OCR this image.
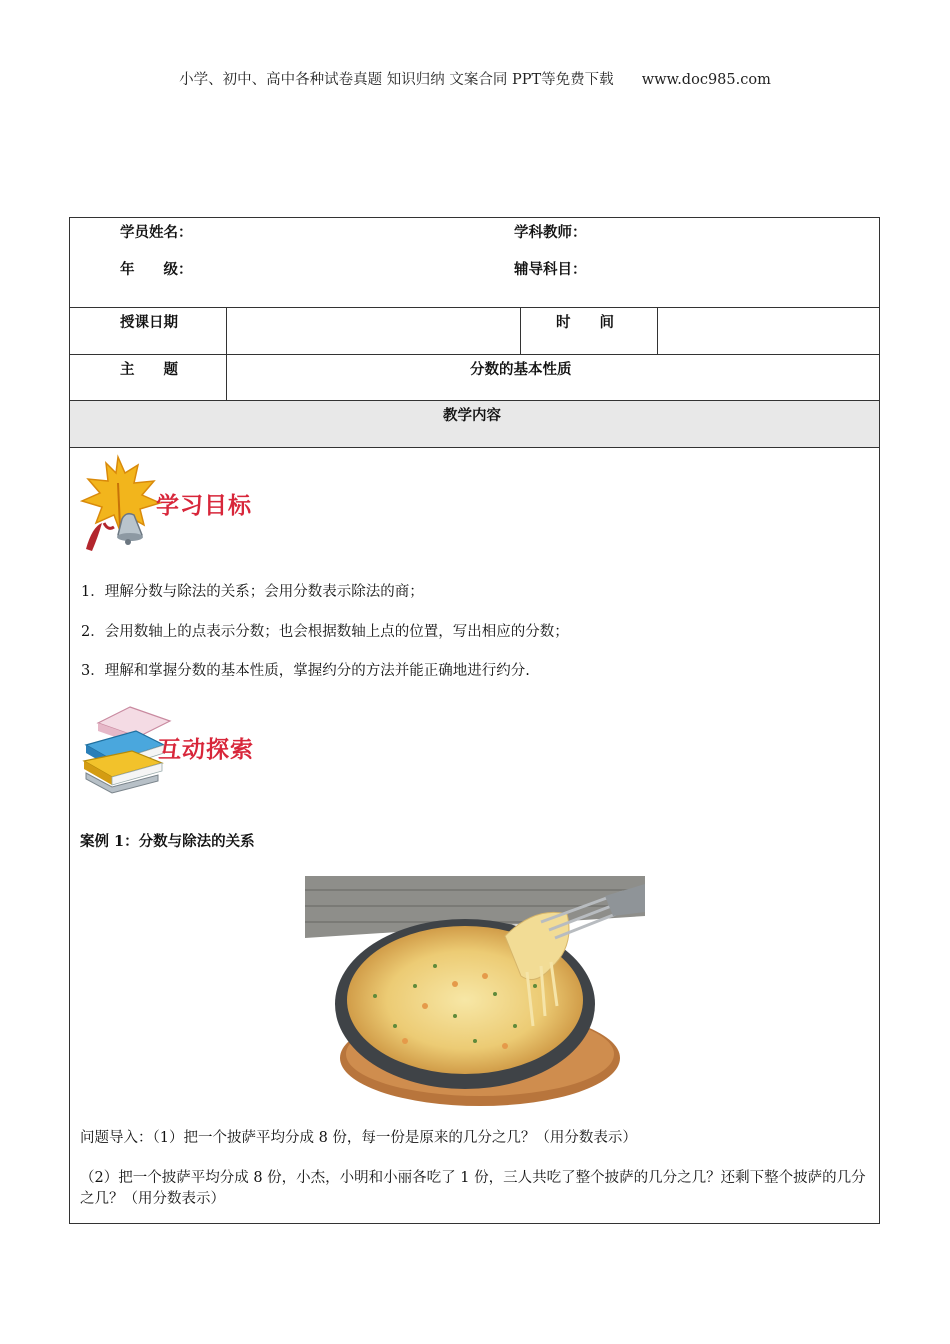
小学、初中、高中各种试卷真题 知识归纳 文案合同 PPT等免费下载 www.doc985.com
学员姓名：	学科教师：
年　　级：	辅导科目：
授课日期	时　　间
主　　题	分数的基本性质
教学内容
学习目标
1．理解分数与除法的关系；会用分数表示除法的商；
2．会用数轴上的点表示分数；也会根据数轴上点的位置，写出相应的分数；
3．理解和掌握分数的基本性质，掌握约分的方法并能正确地进行约分.
互动探索
案例 1：分数与除法的关系
问题导入：（1）把一个披萨平均分成 8 份，每一份是原来的几分之几？（用分数表示）
（2）把一个披萨平均分成 8 份，小杰，小明和小丽各吃了 1 份，三人共吃了整个披萨的几分之几？还剩下整个披萨的几分之几？（用分数表示）
